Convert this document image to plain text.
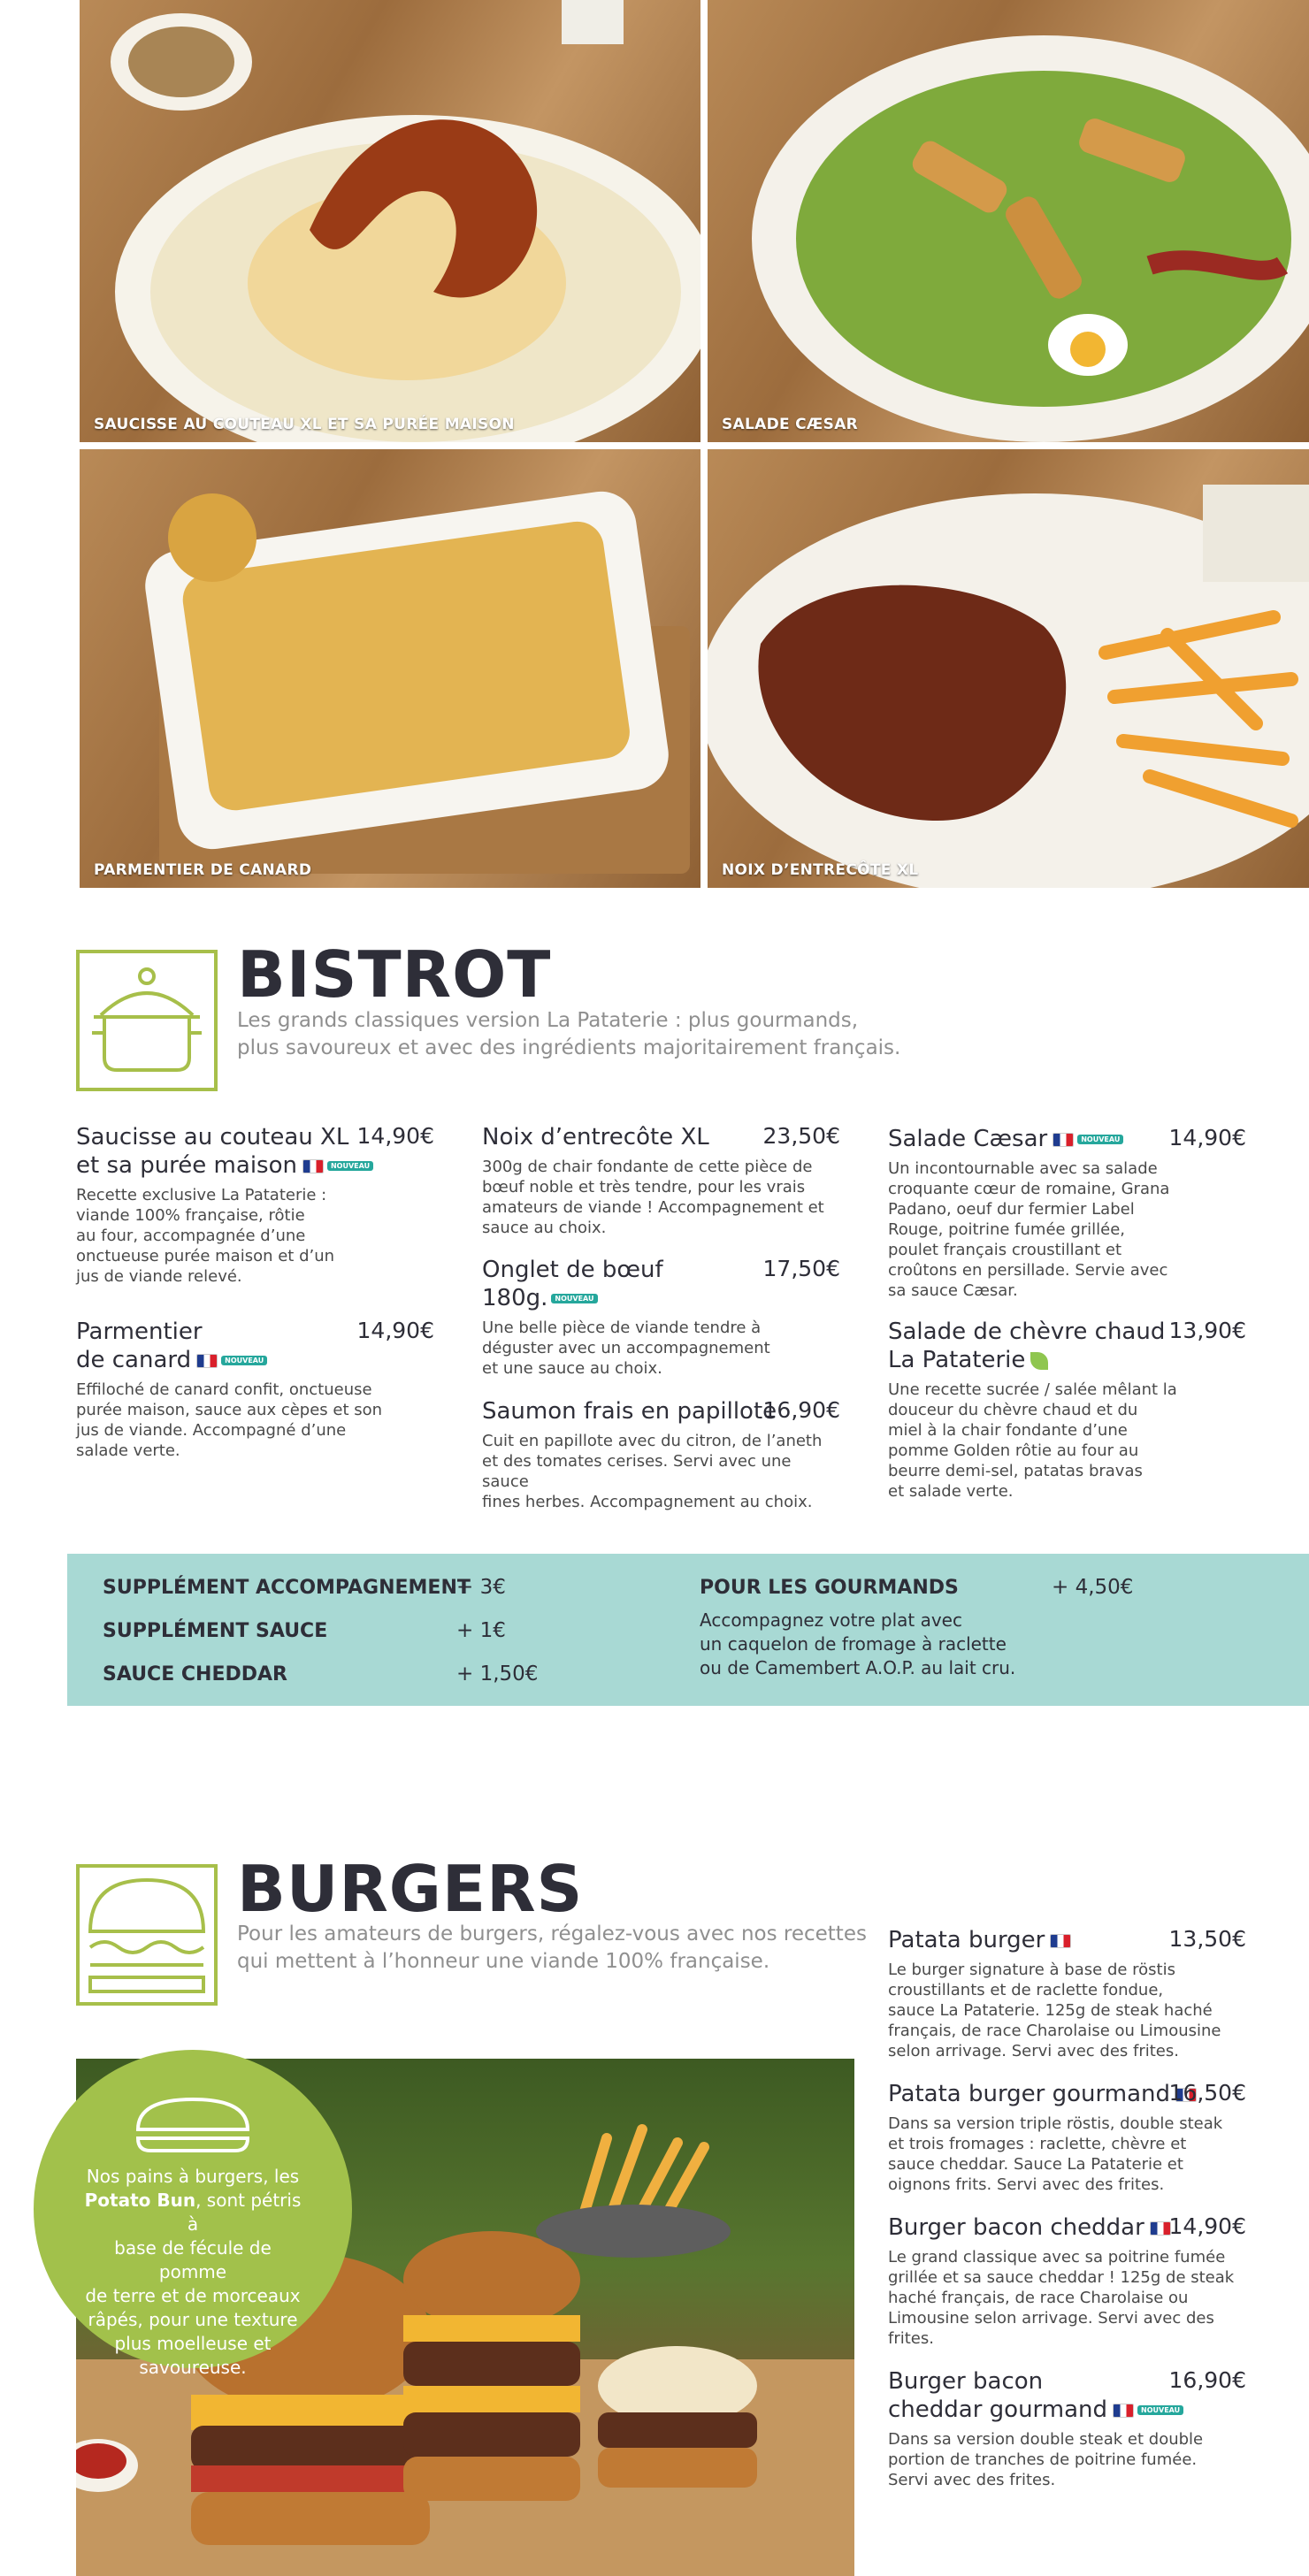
SAUCISSE AU COUTEAU XL ET SA PURÉE MAISON	SALADE CÆSAR
PARMENTIER DE CANARD	NOIX D’ENTRECÔTE XL
BISTROT
Les grands classiques version La Pataterie : plus gourmands,
plus savoureux et avec des ingrédients majoritairement français.
Saucisse au couteau XL
et sa purée maison	NOUVEAU
14,90€
Recette exclusive La Pataterie :
viande 100% française, rôtie
au four, accompagnée d’une
onctueuse purée maison et d’un
jus de viande relevé.
Parmentier
de canard	NOUVEAU
14,90€
Effiloché de canard confit, onctueuse
purée maison, sauce aux cèpes et son
jus de viande. Accompagné d’une
salade verte.
Noix d’entrecôte XL	23,50€
300g de chair fondante de cette pièce de
bœuf noble et très tendre, pour les vrais
amateurs de viande ! Accompagnement et
sauce au choix.
Onglet de bœuf
180g. NOUVEAU
17,50€
Une belle pièce de viande tendre à
déguster avec un accompagnement
et une sauce au choix.
Saumon frais en papillote
16,90€
Cuit en papillote avec du citron, de l’aneth
et des tomates cerises. Servi avec une sauce
fines herbes. Accompagnement au choix.
Salade Cæsar	NOUVEAU	14,90€
Un incontournable avec sa salade
croquante cœur de romaine, Grana
Padano, oeuf dur fermier Label
Rouge, poitrine fumée grillée,
poulet français croustillant et
croûtons en persillade. Servie avec
sa sauce Cæsar.
Salade de chèvre chaud
La Pataterie
13,90€
Une recette sucrée / salée mêlant la
douceur du chèvre chaud et du
miel à la chair fondante d’une
pomme Golden rôtie au four au
beurre demi-sel, patatas bravas
et salade verte.
SUPPLÉMENT ACCOMPAGNEMENT
+ 3€
SUPPLÉMENT SAUCE	+ 1€
SAUCE CHEDDAR	+ 1,50€
POUR LES GOURMANDS	+ 4,50€
Accompagnez votre plat avec
un caquelon de fromage à raclette
ou de Camembert A.O.P. au lait cru.
BURGERS
Pour les amateurs de burgers, régalez-vous avec nos recettes
qui mettent à l’honneur une viande 100% française.
Nos pains à burgers, les
Potato Bun, sont pétris à
base de fécule de pomme
de terre et de morceaux
râpés, pour une texture
plus moelleuse et
savoureuse.
Patata burger	13,50€
Le burger signature à base de röstis
croustillants et de raclette fondue,
sauce La Pataterie. 125g de steak haché
français, de race Charolaise ou Limousine
selon arrivage. Servi avec des frites.
Patata burger gourmand
16,50€
Dans sa version triple röstis, double steak
et trois fromages : raclette, chèvre et
sauce cheddar. Sauce La Pataterie et
oignons frits. Servi avec des frites.
Burger bacon cheddar	14,90€
Le grand classique avec sa poitrine fumée
grillée et sa sauce cheddar ! 125g de steak
haché français, de race Charolaise ou
Limousine selon arrivage. Servi avec des
frites.
Burger bacon
cheddar gourmand	NOUVEAU
16,90€
Dans sa version double steak et double
portion de tranches de poitrine fumée.
Servi avec des frites.
